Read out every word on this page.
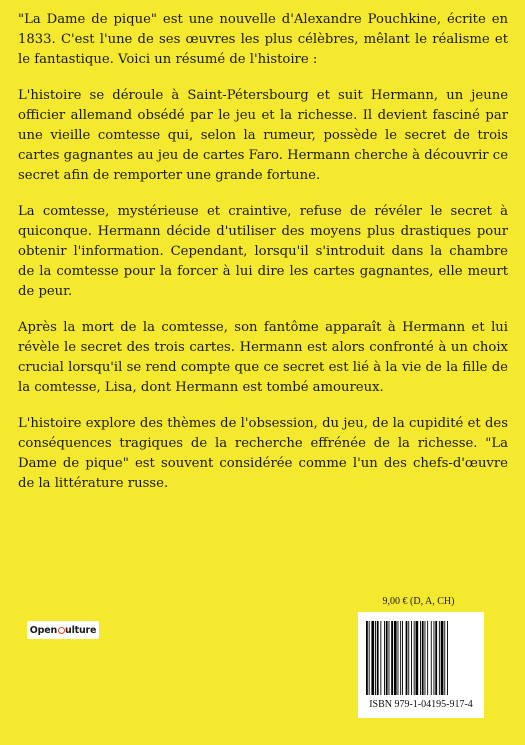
"La Dame de pique" est une nouvelle d'Alexandre Pouchkine, écrite en 1833. C'est l'une de ses œuvres les plus célèbres, mêlant le réalisme et le fantastique. Voici un résumé de l'histoire :

L'histoire se déroule à Saint-Pétersbourg et suit Hermann, un jeune officier allemand obsédé par le jeu et la richesse. Il devient fasciné par une vieille comtesse qui, selon la rumeur, possède le secret de trois cartes gagnantes au jeu de cartes Faro. Hermann cherche à découvrir ce secret afin de remporter une grande fortune.

La comtesse, mystérieuse et craintive, refuse de révéler le secret à quiconque. Hermann décide d'utiliser des moyens plus drastiques pour obtenir l'information. Cependant, lorsqu'il s'introduit dans la chambre de la comtesse pour la forcer à lui dire les cartes gagnantes, elle meurt de peur.

Après la mort de la comtesse, son fantôme apparaît à Hermann et lui révèle le secret des trois cartes. Hermann est alors confronté à un choix crucial lorsqu'il se rend compte que ce secret est lié à la vie de la fille de la comtesse, Lisa, dont Hermann est tombé amoureux.

L'histoire explore des thèmes de l'obsession, du jeu, de la cupidité et des conséquences tragiques de la recherche effrénée de la richesse. "La Dame de pique" est souvent considérée comme l'un des chefs-d'œuvre de la littérature russe.

Open ulture
9,00 € (D, A, CH)
ISBN 979-1-04195-917-4
